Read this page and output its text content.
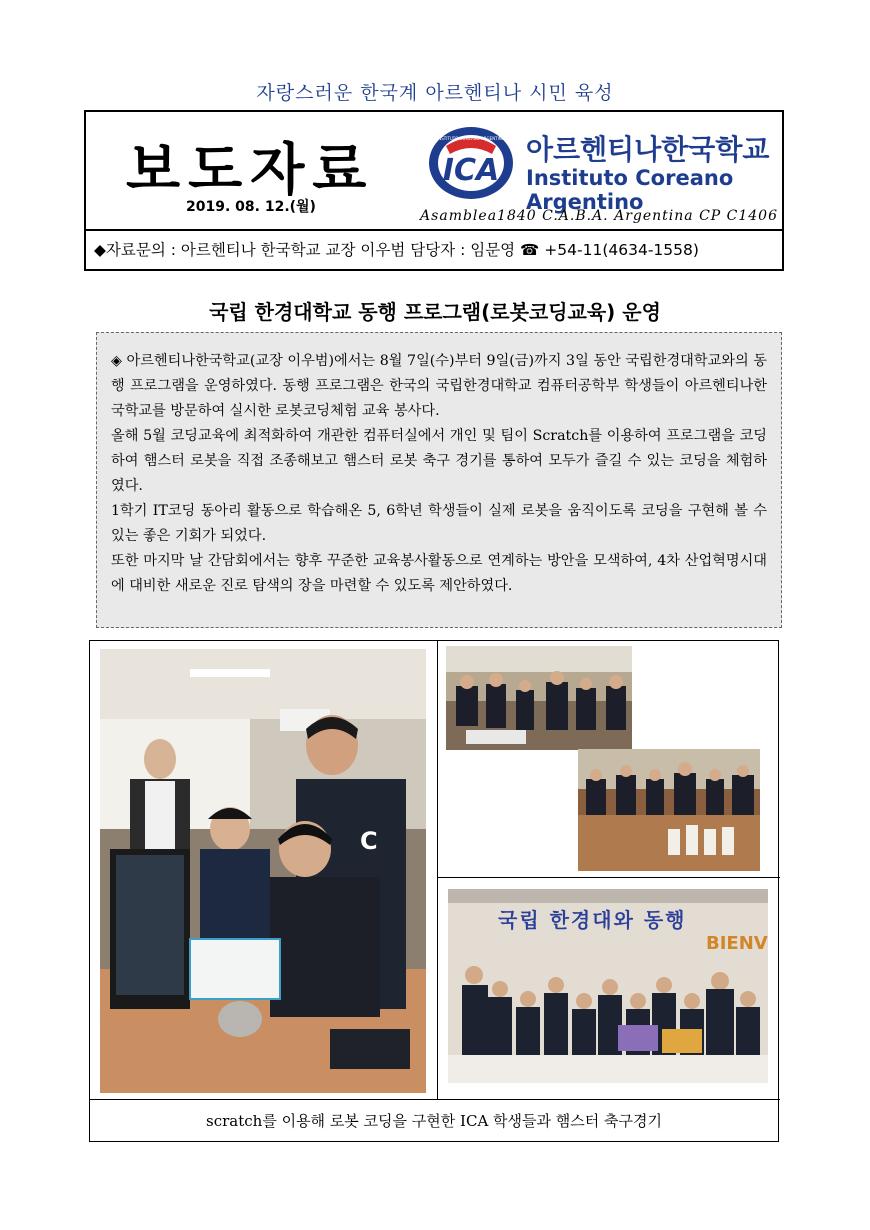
자랑스러운 한국계 아르헨티나 시민 육성
보도자료
2019. 08. 12.(월)
ICA
INSTITUTO COREANO ARGENTINO 아르헨티나한국학교
Instituto Coreano Argentino
Asamblea1840 C.A.B.A. Argentina CP C1406
◆자료문의 : 아르헨티나 한국학교 교장 이우범 담당자 : 임문영 ☎ +54-11(4634-1558)
국립 한경대학교 동행 프로그램(로봇코딩교육) 운영

◈ 아르헨티나한국학교(교장 이우범)에서는 8월 7일(수)부터 9일(금)까지 3일 동안 국립한경대학교와의 동행 프로그램을 운영하였다. 동행 프로그램은 한국의 국립한경대학교 컴퓨터공학부 학생들이 아르헨티나한국학교를 방문하여 실시한 로봇코딩체험 교육 봉사다.

올해 5월 코딩교육에 최적화하여 개관한 컴퓨터실에서 개인 및 팀이 Scratch를 이용하여 프로그램을 코딩하여 햄스터 로봇을 직접 조종해보고 햄스터 로봇 축구 경기를 통하여 모두가 즐길 수 있는 코딩을 체험하였다.

1학기 IT코딩 동아리 활동으로 학습해온 5, 6학년 학생들이 실제 로봇을 움직이도록 코딩을 구현해 볼 수 있는 좋은 기회가 되었다.

또한 마지막 날 간담회에서는 향후 꾸준한 교육봉사활동으로 연계하는 방안을 모색하여, 4차 산업혁명시대에 대비한 새로운 진로 탐색의 장을 마련할 수 있도록 제안하였다.

C
국립 한경대와 동행
BIENV
scratch를 이용해 로봇 코딩을 구현한 ICA 학생들과 햄스터 축구경기
